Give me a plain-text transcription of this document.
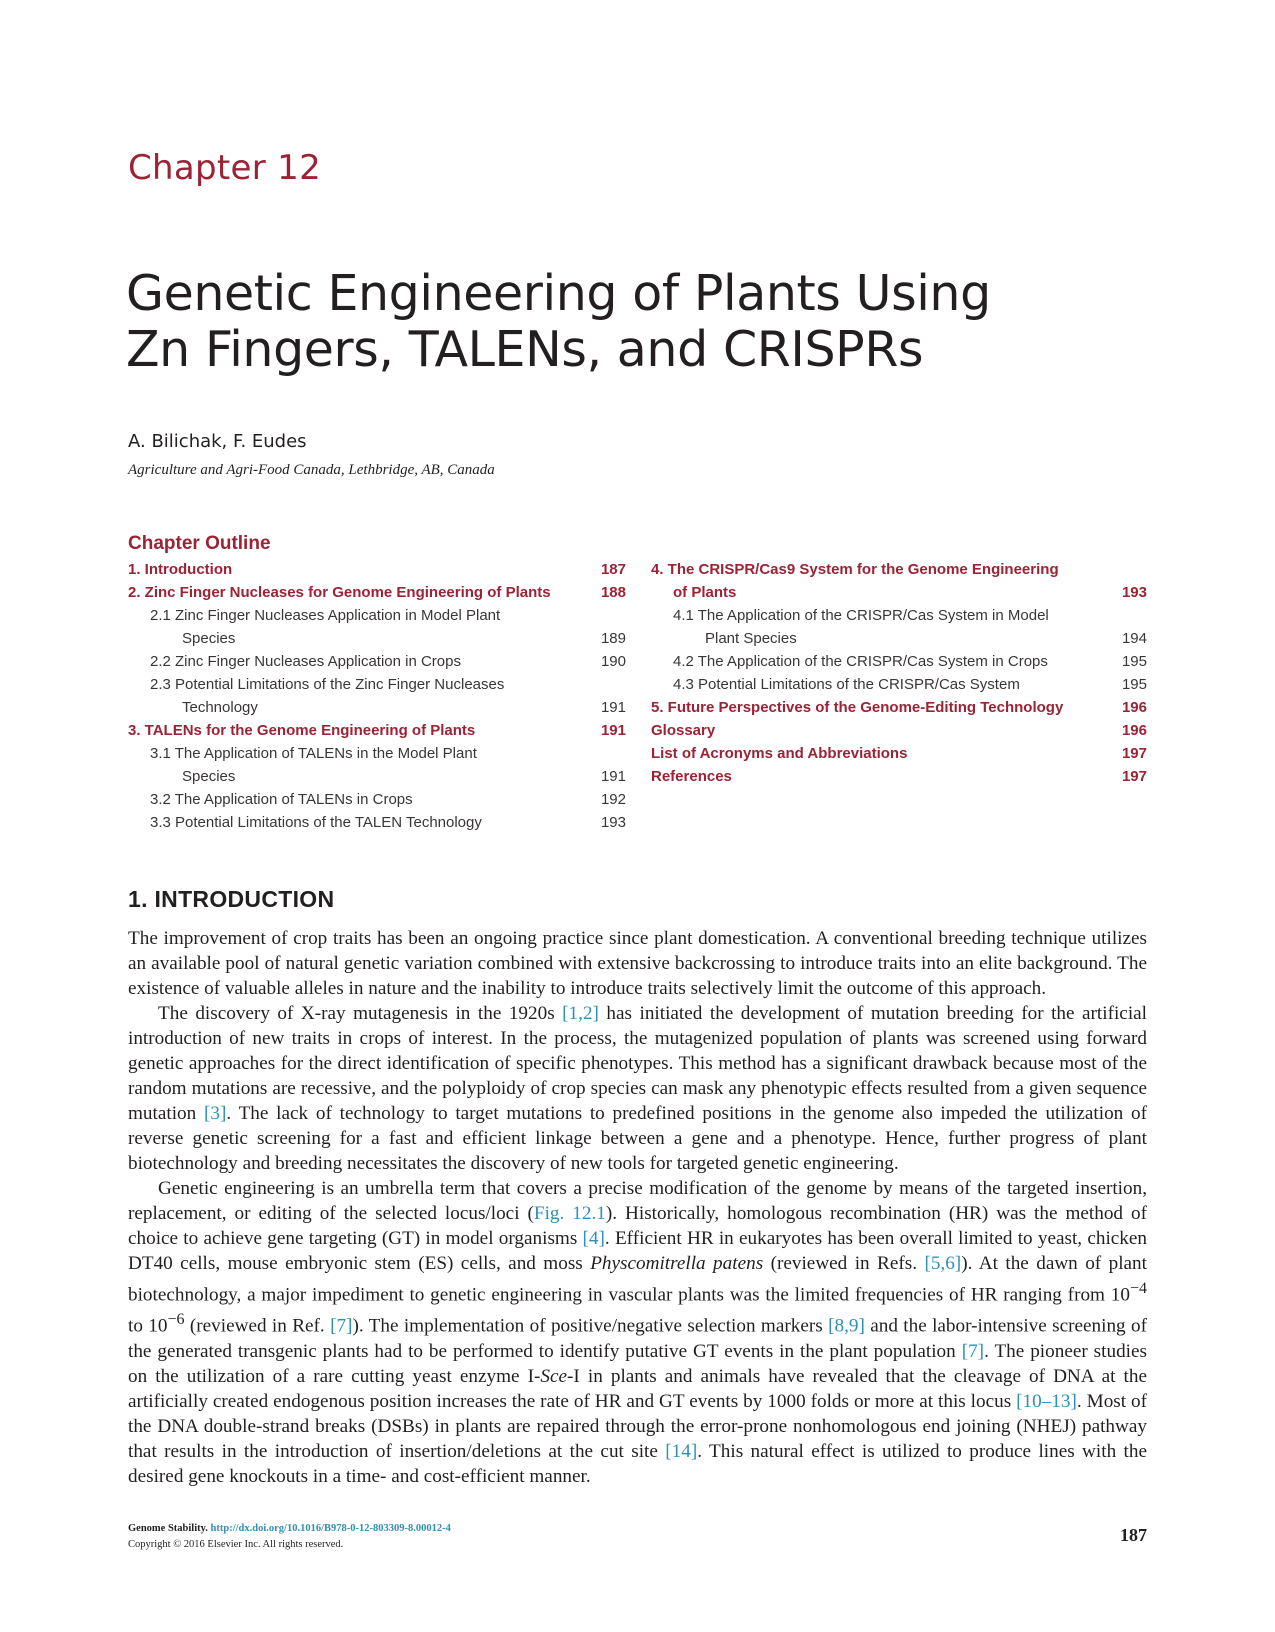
Chapter 12
Genetic Engineering of Plants Using
Zn Fingers, TALENs, and CRISPRs
A. Bilichak, F. Eudes
Agriculture and Agri-Food Canada, Lethbridge, AB, Canada
Chapter Outline
1. Introduction	187
2. Zinc Finger Nucleases for Genome Engineering of Plants	188
2.1 Zinc Finger Nucleases Application in Model Plant
Species	189
2.2 Zinc Finger Nucleases Application in Crops	190
2.3 Potential Limitations of the Zinc Finger Nucleases
Technology	191
3. TALENs for the Genome Engineering of Plants	191
3.1 The Application of TALENs in the Model Plant
Species	191
3.2 The Application of TALENs in Crops	192
3.3 Potential Limitations of the TALEN Technology	193
4. The CRISPR/Cas9 System for the Genome Engineering
of Plants	193
4.1 The Application of the CRISPR/Cas System in Model
Plant Species	194
4.2 The Application of the CRISPR/Cas System in Crops	195
4.3 Potential Limitations of the CRISPR/Cas System	195
5. Future Perspectives of the Genome-Editing Technology	196
Glossary	196
List of Acronyms and Abbreviations	197
References	197
1. INTRODUCTION

The improvement of crop traits has been an ongoing practice since plant domestication. A conventional breeding technique utilizes an available pool of natural genetic variation combined with extensive backcrossing to introduce traits into an elite background. The existence of valuable alleles in nature and the inability to introduce traits selectively limit the outcome of this approach.

The discovery of X-ray mutagenesis in the 1920s [1,2] has initiated the development of mutation breeding for the artificial introduction of new traits in crops of interest. In the process, the mutagenized population of plants was screened using forward genetic approaches for the direct identification of specific phenotypes. This method has a significant drawback because most of the random mutations are recessive, and the polyploidy of crop species can mask any phenotypic effects resulted from a given sequence mutation [3]. The lack of technology to target mutations to predefined positions in the genome also impeded the utilization of reverse genetic screening for a fast and efficient linkage between a gene and a phenotype. Hence, further progress of plant biotechnology and breeding necessitates the discovery of new tools for targeted genetic engineering.

Genetic engineering is an umbrella term that covers a precise modification of the genome by means of the targeted insertion, replacement, or editing of the selected locus/loci (Fig. 12.1). Historically, homologous recombination (HR) was the method of choice to achieve gene targeting (GT) in model organisms [4]. Efficient HR in eukaryotes has been overall limited to yeast, chicken DT40 cells, mouse embryonic stem (ES) cells, and moss Physcomitrella patens (reviewed in Refs. [5,6]). At the dawn of plant biotechnology, a major impediment to genetic engineering in vascular plants was the limited frequencies of HR ranging from $10^{-4}$ to $10^{-6}$ (reviewed in Ref. [7]). The implementation of positive/negative selection markers [8,9] and the labor-intensive screening of the generated transgenic plants had to be performed to identify putative GT events in the plant population [7]. The pioneer studies on the utilization of a rare cutting yeast enzyme I-Sce-I in plants and animals have revealed that the cleavage of DNA at the artificially created endogenous position increases the rate of HR and GT events by 1000 folds or more at this locus [10–13]. Most of the DNA double-strand breaks (DSBs) in plants are repaired through the error-prone nonhomologous end joining (NHEJ) pathway that results in the introduction of insertion/deletions at the cut site [14]. This natural effect is utilized to produce lines with the desired gene knockouts in a time- and cost-efficient manner.

Genome Stability. http://dx.doi.org/10.1016/B978-0-12-803309-8.00012-4
Copyright © 2016 Elsevier Inc. All rights reserved.	187
